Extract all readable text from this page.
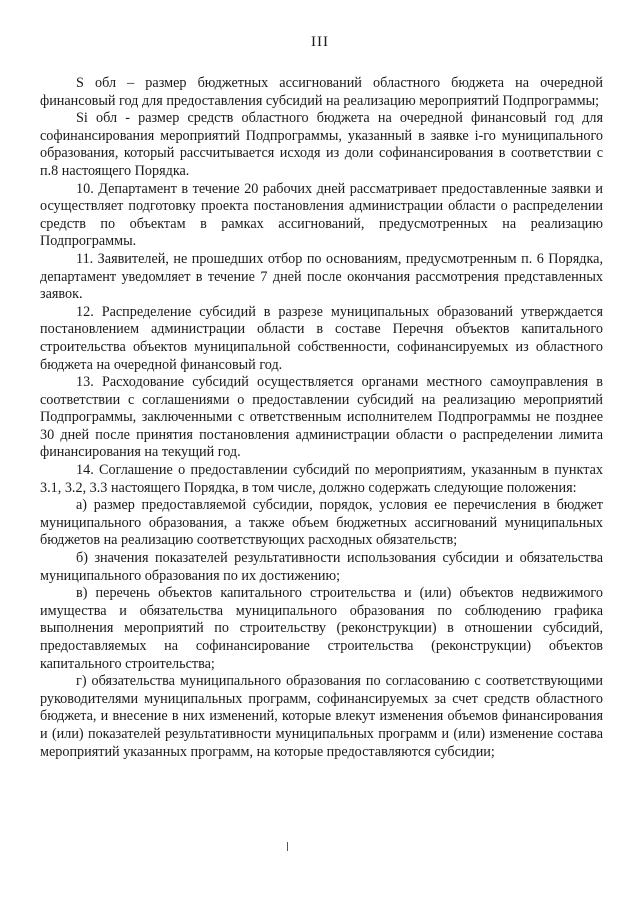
III

S обл – размер бюджетных ассигнований областного бюджета на очередной финансовый год для предоставления субсидий на реализацию мероприятий Подпрограммы;

Si обл - размер средств областного бюджета на очередной финансовый год для софинансирования мероприятий Подпрограммы, указанный в заявке i-го муниципального образования, который рассчитывается исходя из доли софинансирования в соответствии с п.8 настоящего Порядка.

10. Департамент в течение 20 рабочих дней рассматривает предоставленные заявки и осуществляет подготовку проекта постановления администрации области о распределении средств по объектам в рамках ассигнований, предусмотренных на реализацию Подпрограммы.

11. Заявителей, не прошедших отбор по основаниям, предусмотренным п. 6 Порядка, департамент уведомляет в течение 7 дней после окончания рассмотрения представленных заявок.

12. Распределение субсидий в разрезе муниципальных образований утверждается постановлением администрации области в составе Перечня объектов капитального строительства объектов муниципальной собственности, софинансируемых из областного бюджета на очередной финансовый год.

13. Расходование субсидий осуществляется органами местного самоуправления в соответствии с соглашениями о предоставлении субсидий на реализацию мероприятий Подпрограммы, заключенными с ответственным исполнителем Подпрограммы не позднее 30 дней после принятия постановления администрации области о распределении лимита финансирования на текущий год.

14. Соглашение о предоставлении субсидий по мероприятиям, указанным в пунктах 3.1, 3.2, 3.3 настоящего Порядка, в том числе, должно содержать следующие положения:

а) размер предоставляемой субсидии, порядок, условия ее перечисления в бюджет муниципального образования, а также объем бюджетных ассигнований муниципальных бюджетов на реализацию соответствующих расходных обязательств;

б) значения показателей результативности использования субсидии и обязательства муниципального образования по их достижению;

в) перечень объектов капитального строительства и (или) объектов недвижимого имущества и обязательства муниципального образования по соблюдению графика выполнения мероприятий по строительству (реконструкции) в отношении субсидий, предоставляемых на софинансирование строительства (реконструкции) объектов капитального строительства;

г) обязательства муниципального образования по согласованию с соответствующими руководителями муниципальных программ, софинансируемых за счет средств областного бюджета, и внесение в них изменений, которые влекут изменения объемов финансирования и (или) показателей результативности муниципальных программ и (или) изменение состава мероприятий указанных программ, на которые предоставляются субсидии;
